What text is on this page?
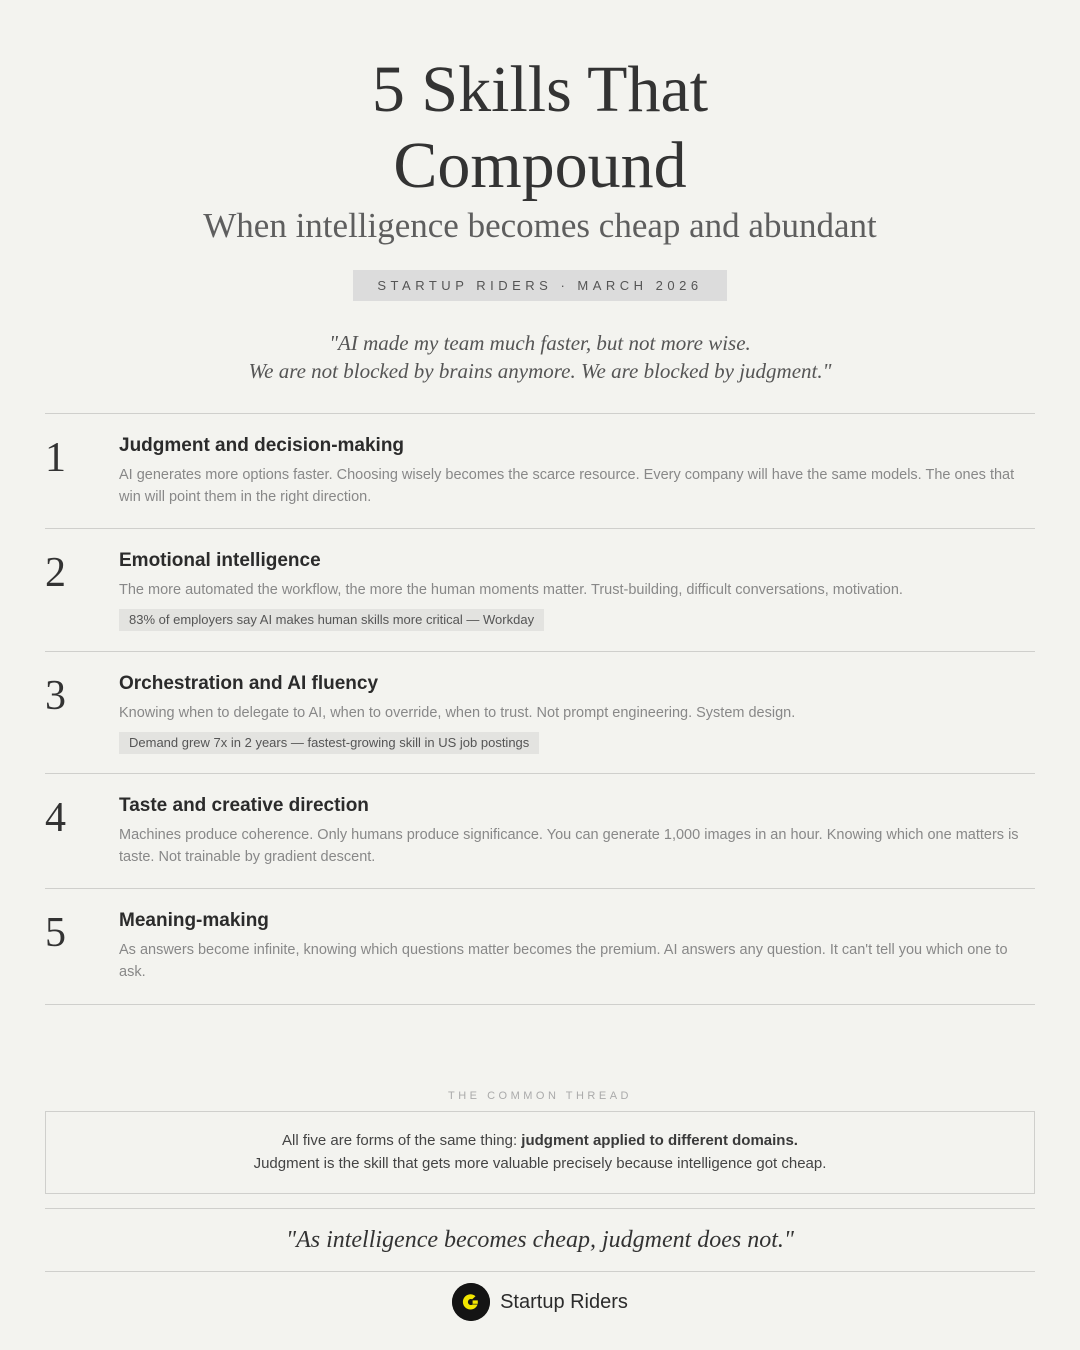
5 Skills That
Compound
When intelligence becomes cheap and abundant
STARTUP RIDERS · MARCH 2026
"AI made my team much faster, but not more wise.
We are not blocked by brains anymore. We are blocked by judgment."
1	Judgment and decision-making
AI generates more options faster. Choosing wisely becomes the scarce resource. Every company will have the same models. The ones that win will point them in the right direction.
2	Emotional intelligence
The more automated the workflow, the more the human moments matter. Trust-building, difficult conversations, motivation.
83% of employers say AI makes human skills more critical — Workday
3	Orchestration and AI fluency
Knowing when to delegate to AI, when to override, when to trust. Not prompt engineering. System design.
Demand grew 7x in 2 years — fastest-growing skill in US job postings
4	Taste and creative direction
Machines produce coherence. Only humans produce significance. You can generate 1,000 images in an hour. Knowing which one matters is taste. Not trainable by gradient descent.
5	Meaning-making
As answers become infinite, knowing which questions matter becomes the premium. AI answers any question. It can't tell you which one to ask.
THE COMMON THREAD
All five are forms of the same thing: judgment applied to different domains.
Judgment is the skill that gets more valuable precisely because intelligence got cheap.
"As intelligence becomes cheap, judgment does not."
Startup Riders
